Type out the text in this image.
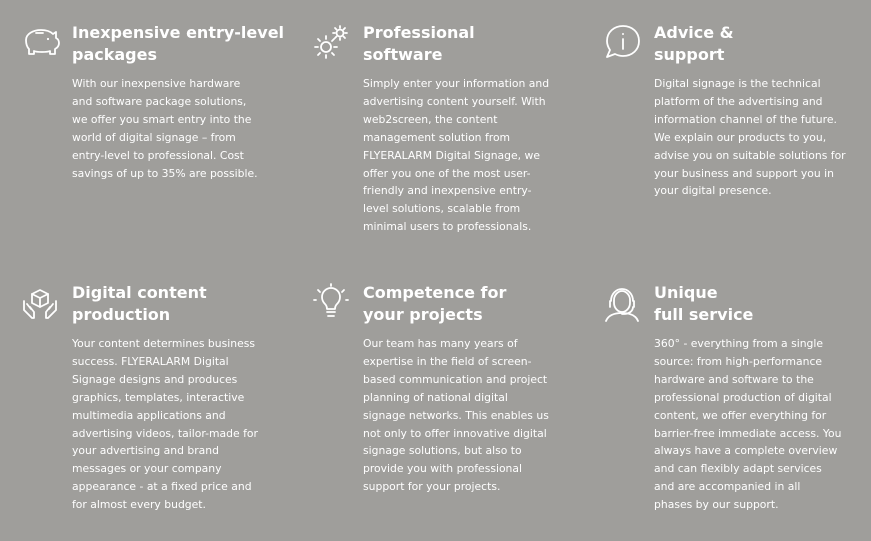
Inexpensive entry-level
packages

With our inexpensive hardware
and software package solutions,
we offer you smart entry into the
world of digital signage – from
entry-level to professional. Cost
savings of up to 35% are possible.

Professional
software

Simply enter your information and
advertising content yourself. With
web2screen, the content
management solution from
FLYERALARM Digital Signage, we
offer you one of the most user-
friendly and inexpensive entry-
level solutions, scalable from
minimal users to professionals.

Advice &
support

Digital signage is the technical
platform of the advertising and
information channel of the future.
We explain our products to you,
advise you on suitable solutions for
your business and support you in
your digital presence.

Digital content
production

Your content determines business
success. FLYERALARM Digital
Signage designs and produces
graphics, templates, interactive
multimedia applications and
advertising videos, tailor-made for
your advertising and brand
messages or your company
appearance - at a fixed price and
for almost every budget.

Competence for
your projects

Our team has many years of
expertise in the field of screen-
based communication and project
planning of national digital
signage networks. This enables us
not only to offer innovative digital
signage solutions, but also to
provide you with professional
support for your projects.

Unique
full service

360° - everything from a single
source: from high-performance
hardware and software to the
professional production of digital
content, we offer everything for
barrier-free immediate access. You
always have a complete overview
and can flexibly adapt services
and are accompanied in all
phases by our support.
